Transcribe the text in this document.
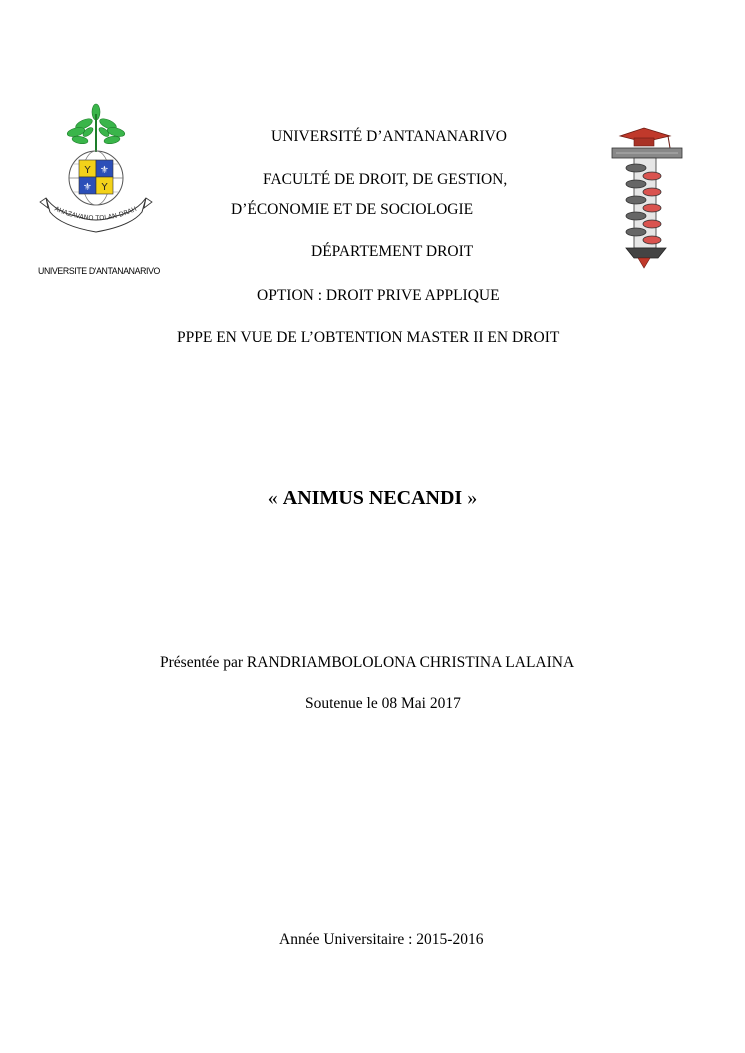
Y ⚜
⚜ Y
AHAZAVANO TOLAN-DRAH
UNIVERSITE D'ANTANANARIVO
UNIVERSITÉ D’ANTANANARIVO
FACULTÉ DE DROIT, DE GESTION,
D’ÉCONOMIE ET DE SOCIOLOGIE
DÉPARTEMENT DROIT
OPTION : DROIT PRIVE APPLIQUE
PPPE EN VUE DE L’OBTENTION MASTER II EN DROIT
« ANIMUS NECANDI »
Présentée par RANDRIAMBOLOLONA CHRISTINA LALAINA
Soutenue le 08 Mai 2017
Année Universitaire : 2015-2016
